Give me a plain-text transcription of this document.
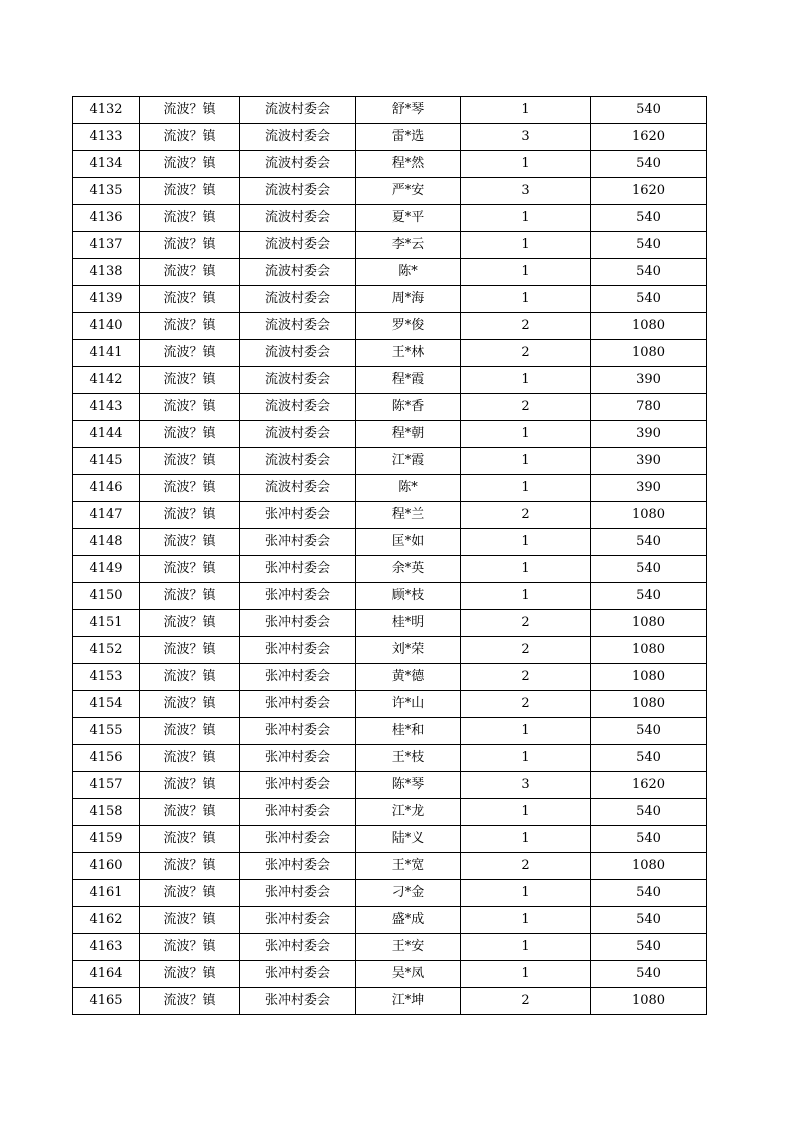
4132	流波？镇	流波村委会	舒*琴	1	540
4133	流波？镇	流波村委会	雷*选	3	1620
4134	流波？镇	流波村委会	程*然	1	540
4135	流波？镇	流波村委会	严*安	3	1620
4136	流波？镇	流波村委会	夏*平	1	540
4137	流波？镇	流波村委会	李*云	1	540
4138	流波？镇	流波村委会	陈*	1	540
4139	流波？镇	流波村委会	周*海	1	540
4140	流波？镇	流波村委会	罗*俊	2	1080
4141	流波？镇	流波村委会	王*林	2	1080
4142	流波？镇	流波村委会	程*霞	1	390
4143	流波？镇	流波村委会	陈*香	2	780
4144	流波？镇	流波村委会	程*朝	1	390
4145	流波？镇	流波村委会	江*霞	1	390
4146	流波？镇	流波村委会	陈*	1	390
4147	流波？镇	张冲村委会	程*兰	2	1080
4148	流波？镇	张冲村委会	匡*如	1	540
4149	流波？镇	张冲村委会	余*英	1	540
4150	流波？镇	张冲村委会	顾*枝	1	540
4151	流波？镇	张冲村委会	桂*明	2	1080
4152	流波？镇	张冲村委会	刘*荣	2	1080
4153	流波？镇	张冲村委会	黄*德	2	1080
4154	流波？镇	张冲村委会	许*山	2	1080
4155	流波？镇	张冲村委会	桂*和	1	540
4156	流波？镇	张冲村委会	王*枝	1	540
4157	流波？镇	张冲村委会	陈*琴	3	1620
4158	流波？镇	张冲村委会	江*龙	1	540
4159	流波？镇	张冲村委会	陆*义	1	540
4160	流波？镇	张冲村委会	王*宽	2	1080
4161	流波？镇	张冲村委会	刁*金	1	540
4162	流波？镇	张冲村委会	盛*成	1	540
4163	流波？镇	张冲村委会	王*安	1	540
4164	流波？镇	张冲村委会	吴*凤	1	540
4165	流波？镇	张冲村委会	江*坤	2	1080
